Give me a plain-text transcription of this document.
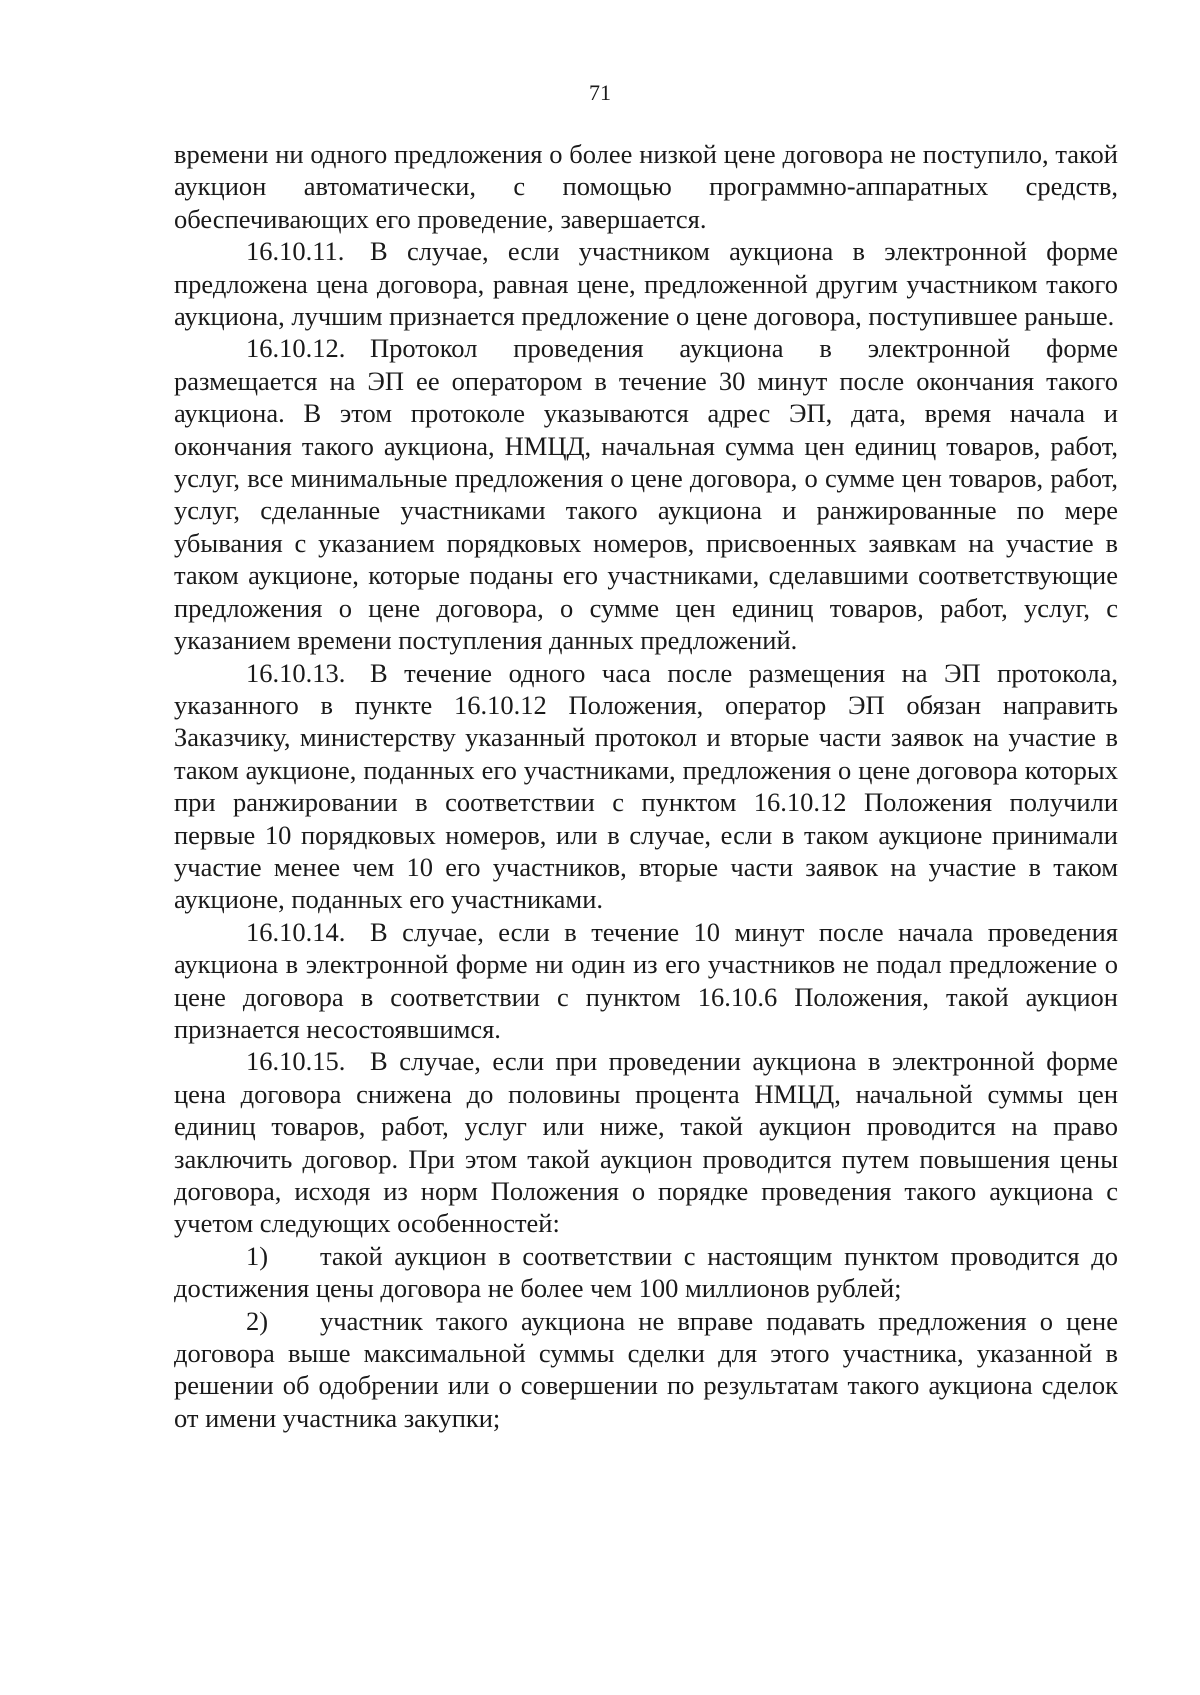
71

времени ни одного предложения о более низкой цене договора не поступило, такой аукцион автоматически, с помощью программно-аппаратных средств, обеспечивающих его проведение, завершается.

16.10.11. В случае, если участником аукциона в электронной форме предложена цена договора, равная цене, предложенной другим участником такого аукциона, лучшим признается предложение о цене договора, поступившее раньше.

16.10.12. Протокол проведения аукциона в электронной форме размещается на ЭП ее оператором в течение 30 минут после окончания такого аукциона. В этом протоколе указываются адрес ЭП, дата, время начала и окончания такого аукциона, НМЦД, начальная сумма цен единиц товаров, работ, услуг, все минимальные предложения о цене договора, о сумме цен товаров, работ, услуг, сделанные участниками такого аукциона и ранжированные по мере убывания с указанием порядковых номеров, присвоенных заявкам на участие в таком аукционе, которые поданы его участниками, сделавшими соответствующие предложения о цене договора, о сумме цен единиц товаров, работ, услуг, с указанием времени поступления данных предложений.

16.10.13. В течение одного часа после размещения на ЭП протокола, указанного в пункте 16.10.12 Положения, оператор ЭП обязан направить Заказчику, министерству указанный протокол и вторые части заявок на участие в таком аукционе, поданных его участниками, предложения о цене договора которых при ранжировании в соответствии с пунктом 16.10.12 Положения получили первые 10 порядковых номеров, или в случае, если в таком аукционе принимали участие менее чем 10 его участников, вторые части заявок на участие в таком аукционе, поданных его участниками.

16.10.14. В случае, если в течение 10 минут после начала проведения аукциона в электронной форме ни один из его участников не подал предложение о цене договора в соответствии с пунктом 16.10.6 Положения, такой аукцион признается несостоявшимся.

16.10.15. В случае, если при проведении аукциона в электронной форме цена договора снижена до половины процента НМЦД, начальной суммы цен единиц товаров, работ, услуг или ниже, такой аукцион проводится на право заключить договор. При этом такой аукцион проводится путем повышения цены договора, исходя из норм Положения о порядке проведения такого аукциона с учетом следующих особенностей:

1) такой аукцион в соответствии с настоящим пунктом проводится до достижения цены договора не более чем 100 миллионов рублей;

2) участник такого аукциона не вправе подавать предложения о цене договора выше максимальной суммы сделки для этого участника, указанной в решении об одобрении или о совершении по результатам такого аукциона сделок от имени участника закупки;
